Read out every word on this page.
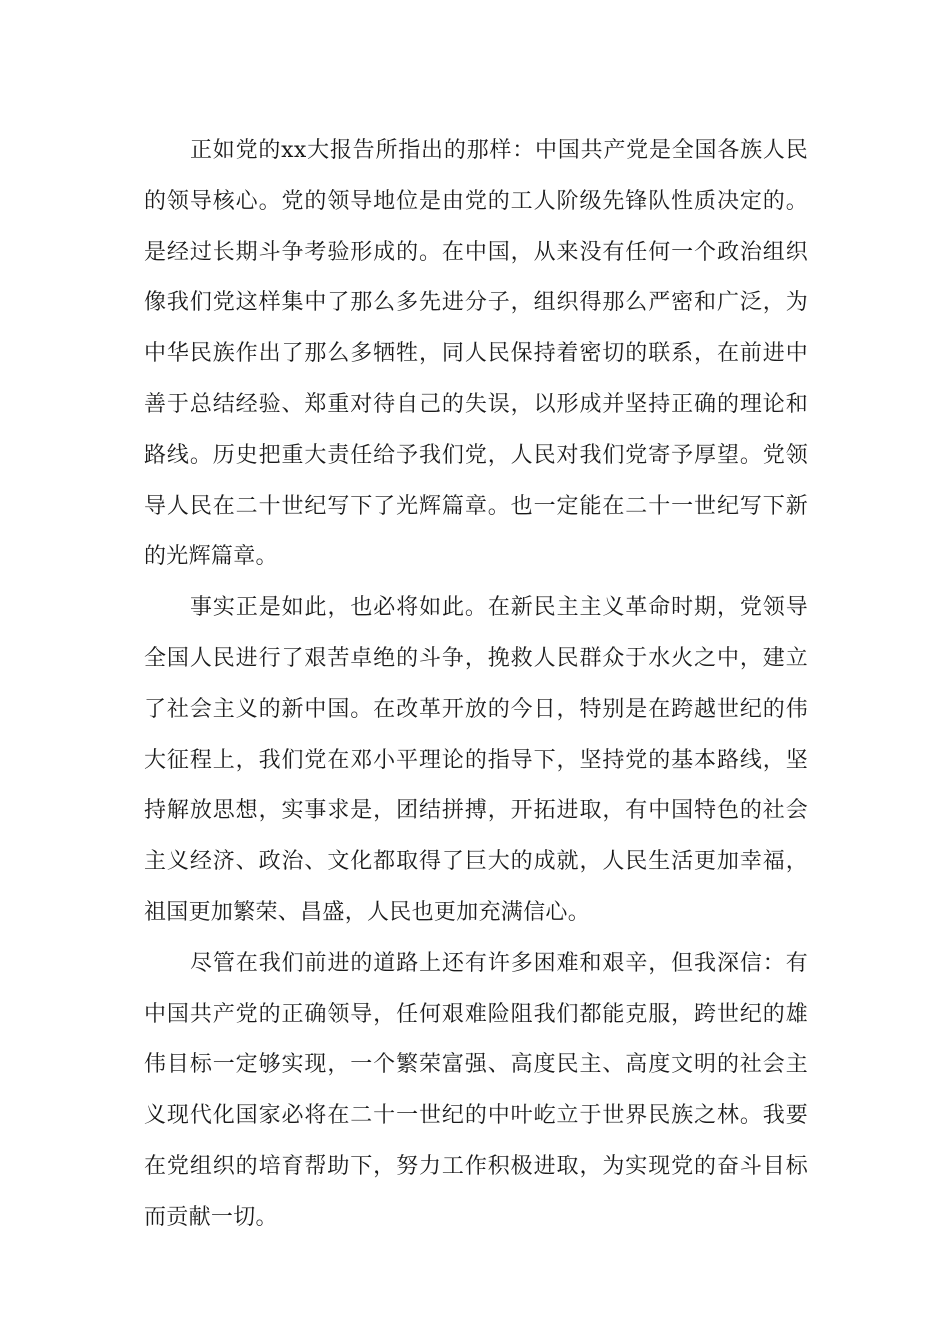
正如党的xx大报告所指出的那样：中国共产党是全国各族人民的领导核心。党的领导地位是由党的工人阶级先锋队性质决定的。是经过长期斗争考验形成的。在中国，从来没有任何一个政治组织像我们党这样集中了那么多先进分子，组织得那么严密和广泛，为中华民族作出了那么多牺牲，同人民保持着密切的联系，在前进中善于总结经验、郑重对待自己的失误，以形成并坚持正确的理论和路线。历史把重大责任给予我们党，人民对我们党寄予厚望。党领导人民在二十世纪写下了光辉篇章。也一定能在二十一世纪写下新的光辉篇章。

事实正是如此，也必将如此。在新民主主义革命时期，党领导全国人民进行了艰苦卓绝的斗争，挽救人民群众于水火之中，建立了社会主义的新中国。在改革开放的今日，特别是在跨越世纪的伟大征程上，我们党在邓小平理论的指导下，坚持党的基本路线，坚持解放思想，实事求是，团结拼搏，开拓进取，有中国特色的社会主义经济、政治、文化都取得了巨大的成就，人民生活更加幸福，祖国更加繁荣、昌盛，人民也更加充满信心。

尽管在我们前进的道路上还有许多困难和艰辛，但我深信：有中国共产党的正确领导，任何艰难险阻我们都能克服，跨世纪的雄伟目标一定够实现，一个繁荣富强、高度民主、高度文明的社会主义现代化国家必将在二十一世纪的中叶屹立于世界民族之林。我要在党组织的培育帮助下，努力工作积极进取，为实现党的奋斗目标而贡献一切。
